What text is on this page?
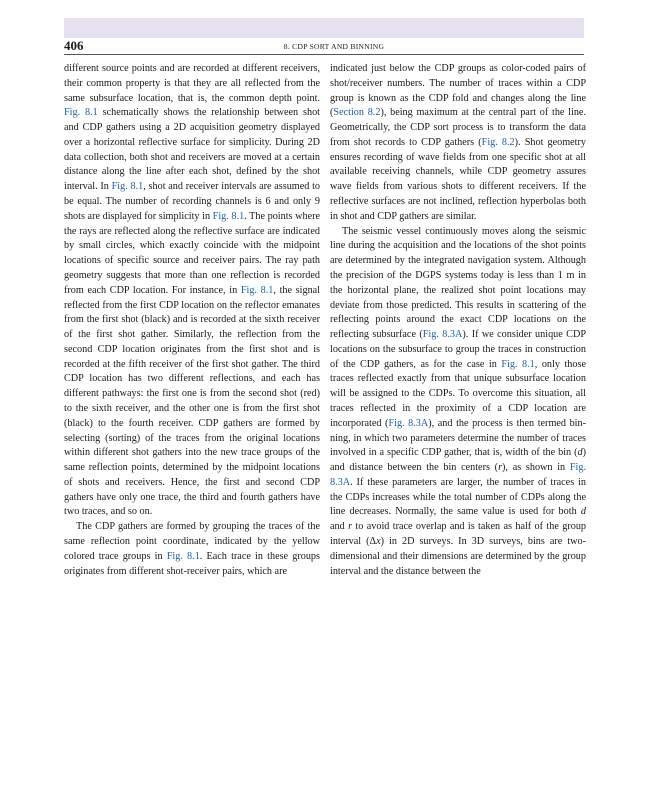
406	8. CDP SORT AND BINNING

different source points and are recorded at different receivers, their common property is that they are all reflected from the same subsurface location, that is, the common depth point. Fig. 8.1 schematically shows the relationship between shot and CDP gathers using a 2D acquisition geometry displayed over a horizontal reflective surface for simplicity. During 2D data collection, both shot and receivers are moved at a certain distance along the line after each shot, defined by the shot interval. In Fig. 8.1, shot and receiver intervals are assumed to be equal. The number of recording channels is 6 and only 9 shots are displayed for simplicity in Fig. 8.1. The points where the rays are reflected along the reflective surface are indicated by small circles, which exactly coincide with the midpoint locations of specific source and receiver pairs. The ray path geometry suggests that more than one reflection is recorded from each CDP location. For instance, in Fig. 8.1, the signal reflected from the first CDP location on the reflector emanates from the first shot (black) and is recorded at the sixth receiver of the first shot gather. Similarly, the reflection from the second CDP location originates from the first shot and is recorded at the fifth receiver of the first shot gather. The third CDP location has two different reflections, and each has different pathways: the first one is from the second shot (red) to the sixth receiver, and the other one is from the first shot (black) to the fourth receiver. CDP gathers are formed by selecting (sorting) of the traces from the original locations within different shot gathers into the new trace groups of the same reflection points, determined by the midpoint locations of shots and receivers. Hence, the first and second CDP gathers have only one trace, the third and fourth gathers have two traces, and so on.

The CDP gathers are formed by grouping the traces of the same reflection point coordinate, indicated by the yellow colored trace groups in Fig. 8.1. Each trace in these groups originates from different shot-receiver pairs, which are

indicated just below the CDP groups as color-coded pairs of shot/receiver numbers. The number of traces within a CDP group is known as the CDP fold and changes along the line (Section 8.2), being maximum at the central part of the line. Geometrically, the CDP sort process is to transform the data from shot records to CDP gathers (Fig. 8.2). Shot geometry ensures recording of wave fields from one specific shot at all available receiving channels, while CDP geometry assures wave fields from various shots to different receivers. If the reflective surfaces are not inclined, reflection hyperbolas both in shot and CDP gathers are similar.

The seismic vessel continuously moves along the seismic line during the acquisition and the locations of the shot points are determined by the integrated navigation system. Although the precision of the DGPS systems today is less than 1 m in the horizontal plane, the realized shot point locations may deviate from those predicted. This results in scattering of the reflecting points around the exact CDP locations on the reflecting subsurface (Fig. 8.3A). If we consider unique CDP locations on the subsurface to group the traces in construction of the CDP gathers, as for the case in Fig. 8.1, only those traces reflected exactly from that unique subsurface location will be assigned to the CDPs. To overcome this situation, all traces reflected in the proximity of a CDP location are incorporated (Fig. 8.3A), and the process is then termed binning, in which two parameters determine the number of traces involved in a specific CDP gather, that is, width of the bin (d) and distance between the bin centers (r), as shown in Fig. 8.3A. If these parameters are larger, the number of traces in the CDPs increases while the total number of CDPs along the line decreases. Normally, the same value is used for both d and r to avoid trace overlap and is taken as half of the group interval (Δx) in 2D surveys. In 3D surveys, bins are two-dimensional and their dimensions are determined by the group interval and the distance between the
